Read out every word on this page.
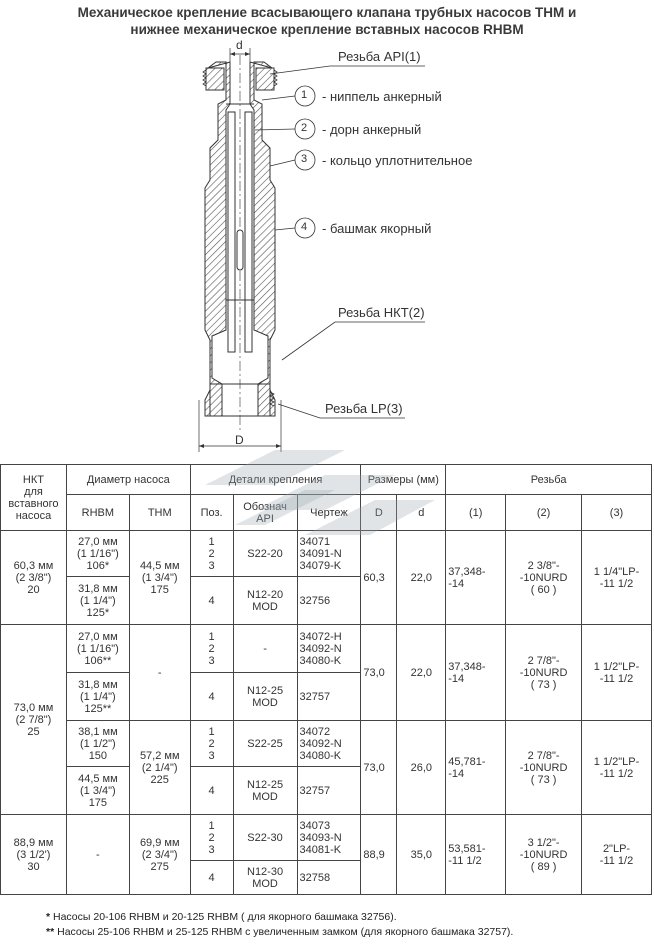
Механическое крепление всасывающего клапана трубных насосов ТНМ и
нижнее механическое крепление вставных насосов RHBM
d
D
Резьба API(1)
Резьба НКТ(2)
Резьба LP(3)
1
2
3
4
- ниппель анкерный
- дорн анкерный
- кольцо уплотнительное
- башмак якорный
НКТ
для
вставного
насоса	Диаметр насоса		Детали крепления			Размеры (мм)		Резьба		
	RHBM	ТНМ	Поз.	Обознач
API	Чертеж	D	d	(1)	(2)	(3)
60,3 мм
(2 3/8")
20	27,0 мм
(1 1/16")
106*	44,5 мм
(1 3/4")
175	1
2
3	S22-20	34071
34091-N
34079-K	60,3	22,0	37,348-
-14	2 3/8"-
-10NURD
( 60 )	1 1/4"LP-
-11 1/2
	31,8 мм
(1 1/4")
125*		4	N12-20
MOD	32756					
73,0 мм
(2 7/8")
25	27,0 мм
(1 1/16")
106**	-	1
2
3	-	34072-H
34092-N
34080-K	73,0	22,0	37,348-
-14	2 7/8"-
-10NURD
( 73 )	1 1/2"LP-
-11 1/2
	31,8 мм
(1 1/4")
125**		4	N12-25
MOD	32757					
	38,1 мм
(1 1/2")
150	57,2 мм
(2 1/4")
225	1
2
3	S22-25	34072
34092-N
34080-K	73,0	26,0	45,781-
-14	2 7/8"-
-10NURD
( 73 )	1 1/2"LP-
-11 1/2
	44,5 мм
(1 3/4")
175		4	N12-25
MOD	32757					
88,9 мм
(3 1/2')
30	-	69,9 мм
(2 3/4")
275	1
2
3	S22-30	34073
34093-N
34081-K	88,9	35,0	53,581-
-11 1/2	3 1/2"-
-10NURD
( 89 )	2"LP-
-11 1/2
			4	N12-30
MOD	32758					
* Насосы 20-106 RHBM и 20-125 RHBM ( для якорного башмака 32756).
** Насосы 25-106 RHBM и 25-125 RHBM с увеличенным замком (для якорного башмака 32757).
